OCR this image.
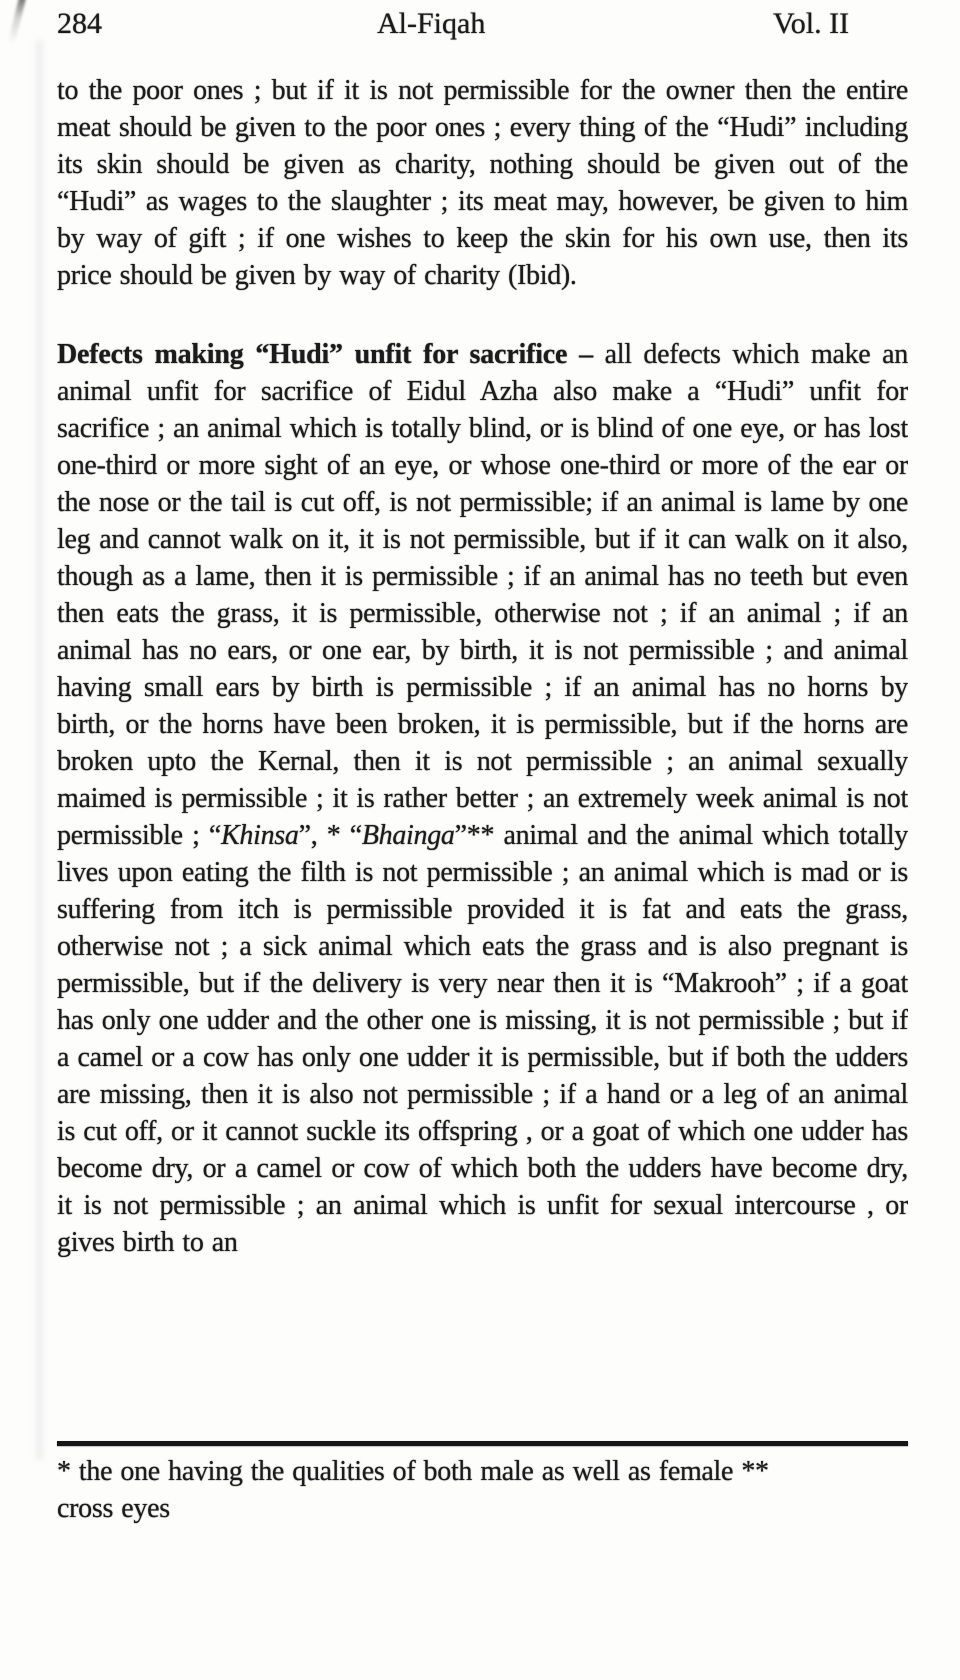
284	Al-Fiqah	Vol. II

to the poor ones ; but if it is not permissible for the owner then the entire meat should be given to the poor ones ; every thing of the “Hudi” including its skin should be given as charity, nothing should be given out of the “Hudi” as wages to the slaughter ; its meat may, however, be given to him by way of gift ; if one wishes to keep the skin for his own use, then its price should be given by way of charity (Ibid).

Defects making “Hudi” unfit for sacrifice – all defects which make an animal unfit for sacrifice of Eidul Azha also make a “Hudi” unfit for sacrifice ; an animal which is totally blind, or is blind of one eye, or has lost one-third or more sight of an eye, or whose one-third or more of the ear or the nose or the tail is cut off, is not permissible; if an animal is lame by one leg and cannot walk on it, it is not permissible, but if it can walk on it also, though as a lame, then it is permissible ; if an animal has no teeth but even then eats the grass, it is permissible, otherwise not ; if an animal ; if an animal has no ears, or one ear, by birth, it is not permissible ; and animal having small ears by birth is permissible ; if an animal has no horns by birth, or the horns have been broken, it is permissible, but if the horns are broken upto the Kernal, then it is not permissible ; an animal sexually maimed is permissible ; it is rather better ; an extremely week animal is not permissible ; “Khinsa”, * “Bhainga”** animal and the animal which totally lives upon eating the filth is not permissible ; an animal which is mad or is suffering from itch is permissible provided it is fat and eats the grass, otherwise not ; a sick animal which eats the grass and is also pregnant is permissible, but if the delivery is very near then it is “Makrooh” ; if a goat has only one udder and the other one is missing, it is not permissible ; but if a camel or a cow has only one udder it is permissible, but if both the udders are missing, then it is also not permissible ; if a hand or a leg of an animal is cut off, or it cannot suckle its offspring , or a goat of which one udder has become dry, or a camel or cow of which both the udders have become dry, it is not permissible ; an animal which is unfit for sexual intercourse , or gives birth to an

* the one having the qualities of both male as well as female **

cross eyes
